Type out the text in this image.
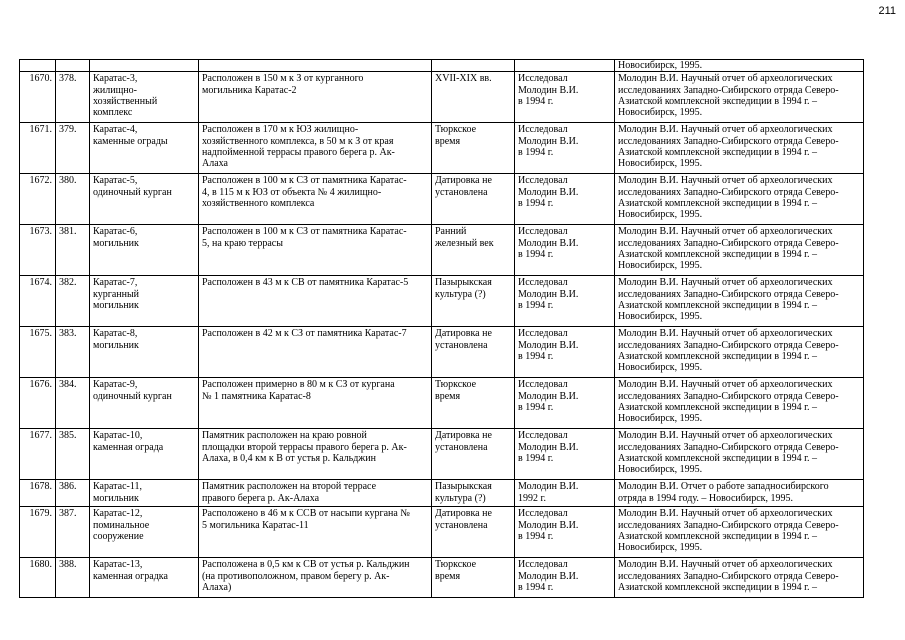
211
						Новосибирск, 1995.
1670.	378.	Каратас-3,
жилищно-
хозяйственный
комплекс	Расположен в 150 м к З от курганного
могильника Каратас-2	XVII-XIX вв.	Исследовал
Молодин В.И.
в 1994 г.	Молодин В.И. Научный отчет об археологических
исследованиях Западно-Сибирского отряда Северо-
Азиатской комплексной экспедиции в 1994 г. –
Новосибирск, 1995.
1671.	379.	Каратас-4,
каменные ограды	Расположен в 170 м к ЮЗ жилищно-
хозяйственного комплекса, в 50 м к З от края
надпойменной террасы правого берега р. Ак-
Алаха	Тюркское
время	Исследовал
Молодин В.И.
в 1994 г.	Молодин В.И. Научный отчет об археологических
исследованиях Западно-Сибирского отряда Северо-
Азиатской комплексной экспедиции в 1994 г. –
Новосибирск, 1995.
1672.	380.	Каратас-5,
одиночный курган	Расположен в 100 м к СЗ от памятника Каратас-
4, в 115 м к ЮЗ от объекта № 4 жилищно-
хозяйственного комплекса	Датировка не
установлена	Исследовал
Молодин В.И.
в 1994 г.	Молодин В.И. Научный отчет об археологических
исследованиях Западно-Сибирского отряда Северо-
Азиатской комплексной экспедиции в 1994 г. –
Новосибирск, 1995.
1673.	381.	Каратас-6,
могильник	Расположен в 100 м к СЗ от памятника Каратас-
5, на краю террасы	Ранний
железный век	Исследовал
Молодин В.И.
в 1994 г.	Молодин В.И. Научный отчет об археологических
исследованиях Западно-Сибирского отряда Северо-
Азиатской комплексной экспедиции в 1994 г. –
Новосибирск, 1995.
1674.	382.	Каратас-7,
курганный
могильник	Расположен в 43 м к СВ от памятника Каратас-5	Пазырыкская
культура (?)	Исследовал
Молодин В.И.
в 1994 г.	Молодин В.И. Научный отчет об археологических
исследованиях Западно-Сибирского отряда Северо-
Азиатской комплексной экспедиции в 1994 г. –
Новосибирск, 1995.
1675.	383.	Каратас-8,
могильник	Расположен в 42 м к СЗ от памятника Каратас-7	Датировка не
установлена	Исследовал
Молодин В.И.
в 1994 г.	Молодин В.И. Научный отчет об археологических
исследованиях Западно-Сибирского отряда Северо-
Азиатской комплексной экспедиции в 1994 г. –
Новосибирск, 1995.
1676.	384.	Каратас-9,
одиночный курган	Расположен примерно в 80 м к СЗ от кургана
№ 1 памятника Каратас-8	Тюркское
время	Исследовал
Молодин В.И.
в 1994 г.	Молодин В.И. Научный отчет об археологических
исследованиях Западно-Сибирского отряда Северо-
Азиатской комплексной экспедиции в 1994 г. –
Новосибирск, 1995.
1677.	385.	Каратас-10,
каменная ограда	Памятник расположен на краю ровной
площадки второй террасы правого берега р. Ак-
Алаха, в 0,4 км к В от устья р. Кальджин	Датировка не
установлена	Исследовал
Молодин В.И.
в 1994 г.	Молодин В.И. Научный отчет об археологических
исследованиях Западно-Сибирского отряда Северо-
Азиатской комплексной экспедиции в 1994 г. –
Новосибирск, 1995.
1678.	386.	Каратас-11,
могильник	Памятник расположен на второй террасе
правого берега р. Ак-Алаха	Пазырыкская
культура (?)	Молодин В.И.
1992 г.	Молодин В.И. Отчет о работе западносибирского
отряда в 1994 году. – Новосибирск, 1995.
1679.	387.	Каратас-12,
поминальное
сооружение	Расположено в 46 м к ССВ от насыпи кургана №
5 могильника Каратас-11	Датировка не
установлена	Исследовал
Молодин В.И.
в 1994 г.	Молодин В.И. Научный отчет об археологических
исследованиях Западно-Сибирского отряда Северо-
Азиатской комплексной экспедиции в 1994 г. –
Новосибирск, 1995.
1680.	388.	Каратас-13,
каменная оградка	Расположена в 0,5 км к СВ от устья р. Кальджин
(на противоположном, правом берегу р. Ак-
Алаха)	Тюркское
время	Исследовал
Молодин В.И.
в 1994 г.	Молодин В.И. Научный отчет об археологических
исследованиях Западно-Сибирского отряда Северо-
Азиатской комплексной экспедиции в 1994 г. –
